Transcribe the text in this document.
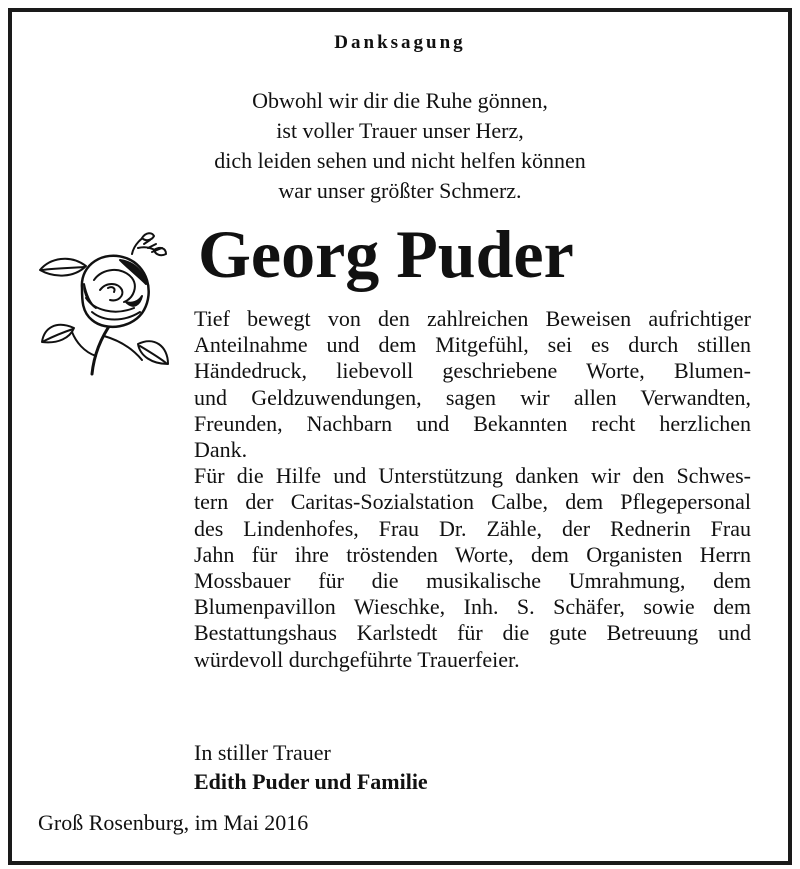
Danksagung
Obwohl wir dir die Ruhe gönnen,
ist voller Trauer unser Herz,
dich leiden sehen und nicht helfen können
war unser größter Schmerz.
Georg Puder
Tief bewegt von den zahlreichen Beweisen aufrichtiger
Anteilnahme und dem Mitgefühl, sei es durch stillen
Händedruck, liebevoll geschriebene Worte, Blumen-
und Geldzuwendungen, sagen wir allen Verwandten,
Freunden, Nachbarn und Bekannten recht herzlichen
Dank.
Für die Hilfe und Unterstützung danken wir den Schwes-
tern der Caritas-Sozialstation Calbe, dem Pflegepersonal
des Lindenhofes, Frau Dr. Zähle, der Rednerin Frau
Jahn für ihre tröstenden Worte, dem Organisten Herrn
Mossbauer für die musikalische Umrahmung, dem
Blumenpavillon Wieschke, Inh. S. Schäfer, sowie dem
Bestattungshaus Karlstedt für die gute Betreuung und
würdevoll durchgeführte Trauerfeier.
In stiller Trauer
Edith Puder und Familie
Groß Rosenburg, im Mai 2016
